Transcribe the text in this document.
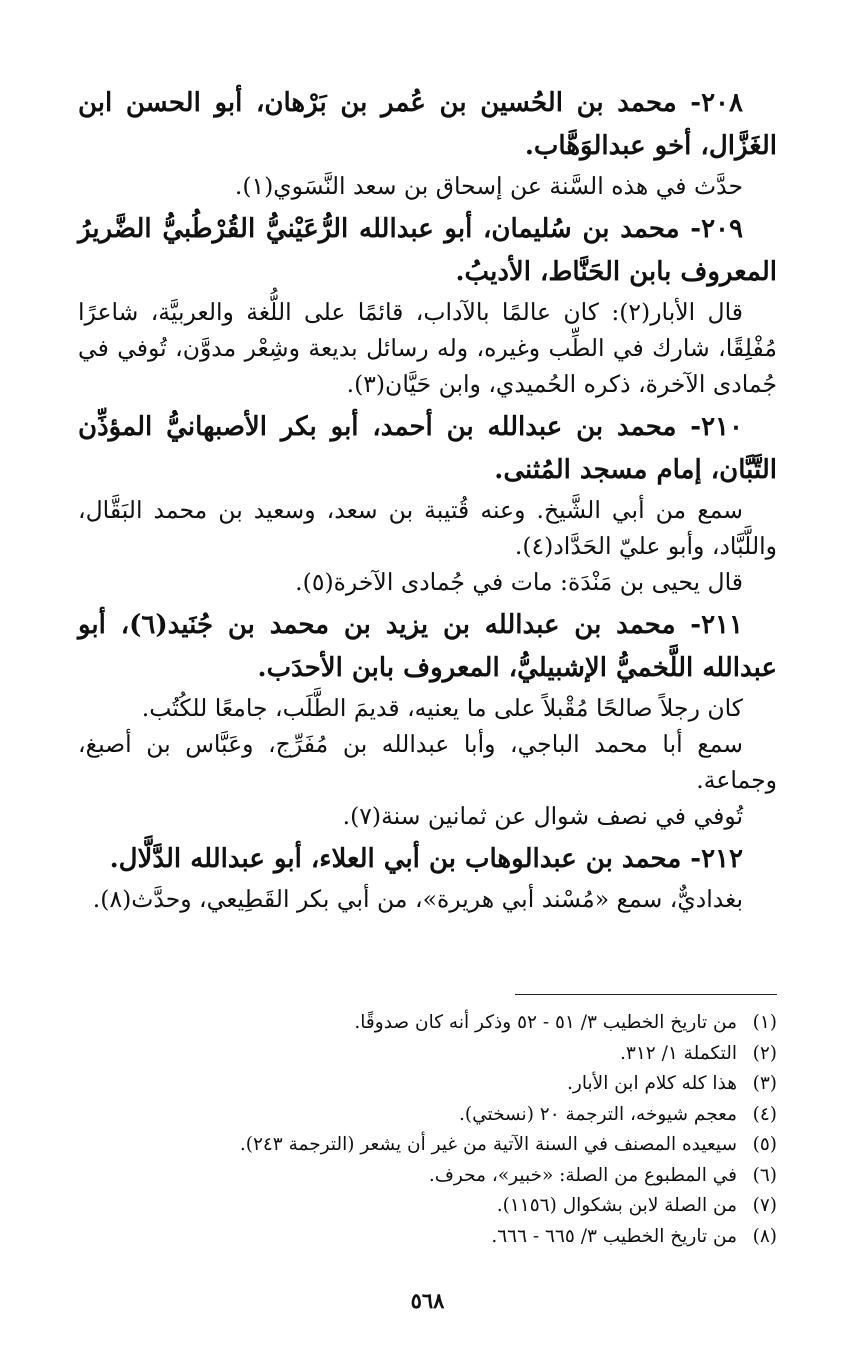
٢٠٨- محمد بن الحُسين بن عُمر بن بَرْهان، أبو الحسن ابن الغَزَّال، أخو عبدالوَهَّاب.

حدَّث في هذه السَّنة عن إسحاق بن سعد النَّسَوي(١).

٢٠٩- محمد بن سُليمان، أبو عبدالله الرُّعَيْنيُّ القُرْطُبيُّ الضَّريرُ المعروف بابن الحَنَّاط، الأديبُ.

قال الأبار(٢): كان عالمًا بالآداب، قائمًا على اللُّغة والعربيَّة، شاعرًا مُفْلِقًا، شارك في الطِّب وغيره، وله رسائل بديعة وشِعْر مدوَّن، تُوفي في جُمادى الآخرة، ذكره الحُميدي، وابن حَيَّان(٣).

٢١٠- محمد بن عبدالله بن أحمد، أبو بكر الأصبهانيُّ المؤذِّن التَّبَّان، إمام مسجد المُثنى.

سمع من أبي الشَّيخ. وعنه قُتيبة بن سعد، وسعيد بن محمد البَقَّال، واللَّبَّاد، وأبو عليّ الحَدَّاد(٤).

قال يحيى بن مَنْدَة: مات في جُمادى الآخرة(٥).

٢١١- محمد بن عبدالله بن يزيد بن محمد بن جُنَيد(٦)، أبو عبدالله اللَّخميُّ الإشبيليُّ، المعروف بابن الأحدَب.

كان رجلاً صالحًا مُقْبلاً على ما يعنيه، قديمَ الطَّلَب، جامعًا للكُتُب.

سمع أبا محمد الباجي، وأبا عبدالله بن مُفَرِّج، وعَبَّاس بن أصبغ، وجماعة.

تُوفي في نصف شوال عن ثمانين سنة(٧).

٢١٢- محمد بن عبدالوهاب بن أبي العلاء، أبو عبدالله الدَّلَّال.

بغداديٌّ، سمع «مُسْند أبي هريرة»، من أبي بكر القَطِيعي، وحدَّث(٨).

(١)من تاريخ الخطيب ٣/ ٥١ - ٥٢ وذكر أنه كان صدوقًا.
(٢)التكملة ١/ ٣١٢.
(٣)هذا كله كلام ابن الأبار.
(٤)معجم شيوخه، الترجمة ٢٠ (نسختي).
(٥)سيعيده المصنف في السنة الآتية من غير أن يشعر (الترجمة ٢٤٣).
(٦)في المطبوع من الصلة: «خبير»، محرف.
(٧)من الصلة لابن بشكوال (١١٥٦).
(٨)من تاريخ الخطيب ٣/ ٦٦٥ - ٦٦٦.
٥٦٨
